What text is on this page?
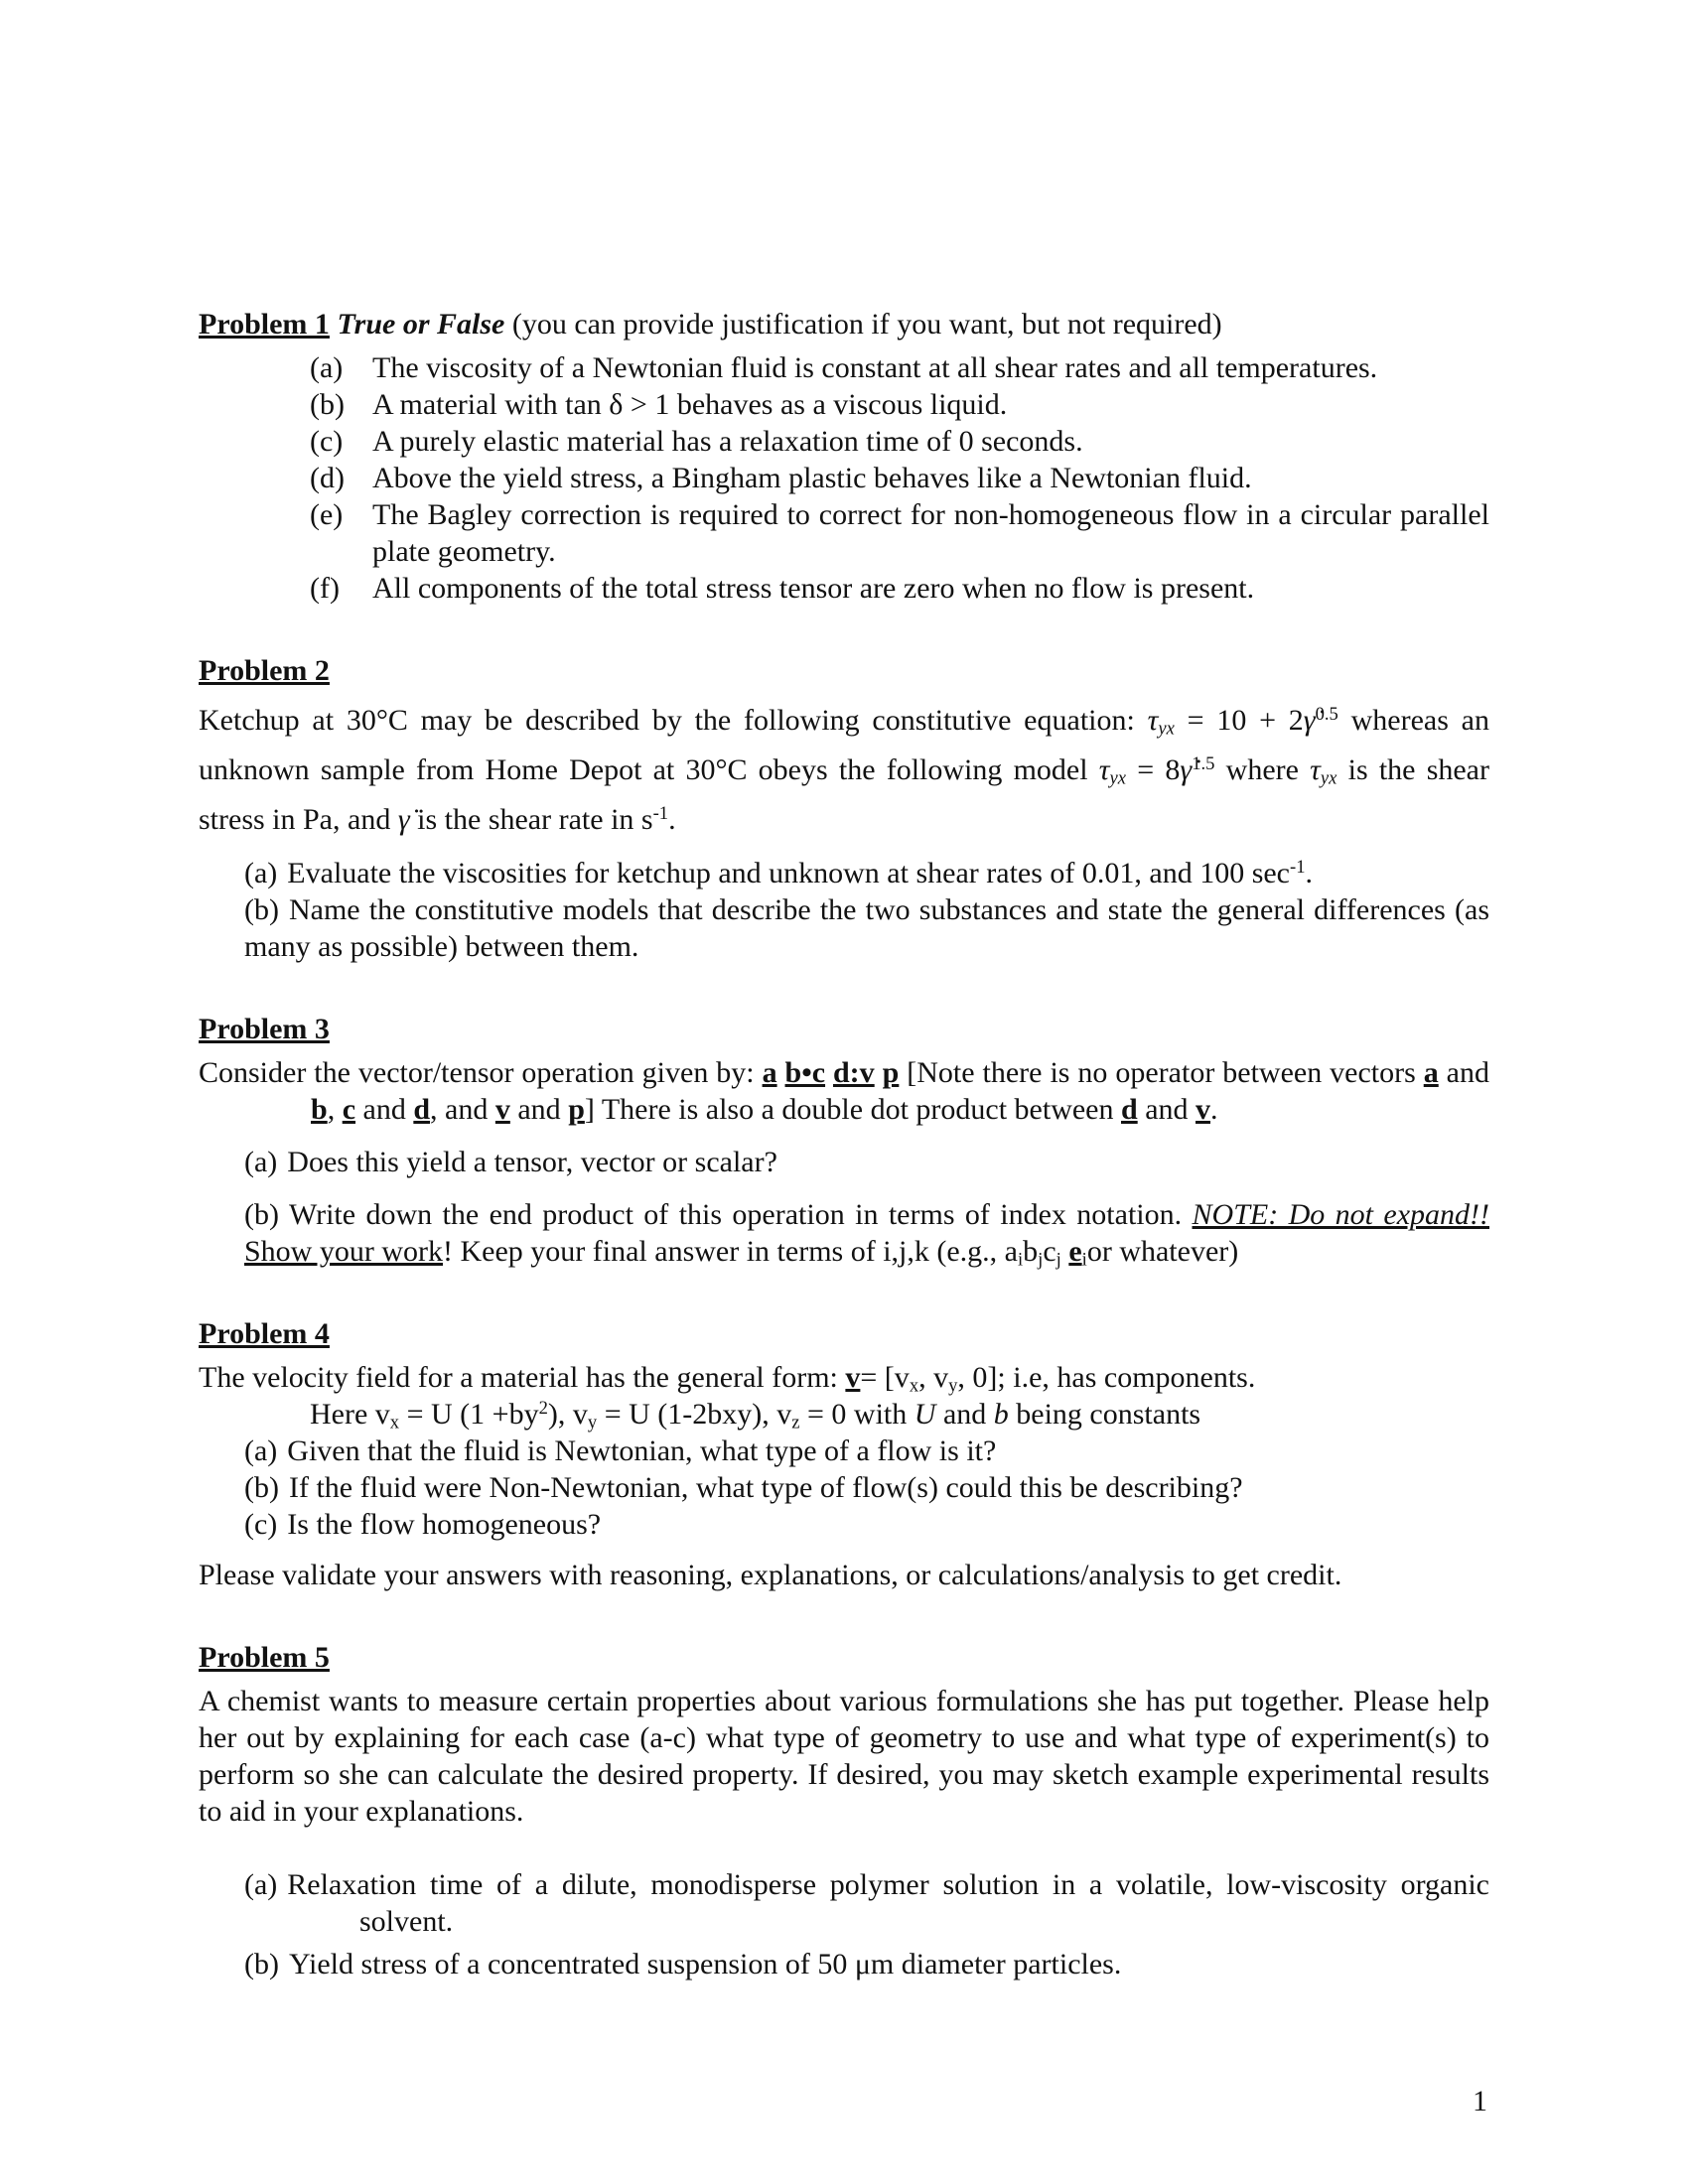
Problem 1 True or False (you can provide justification if you want, but not required)

(a) The viscosity of a Newtonian fluid is constant at all shear rates and all temperatures.
(b) A material with tan δ > 1 behaves as a viscous liquid.
(c) A purely elastic material has a relaxation time of 0 seconds.
(d) Above the yield stress, a Bingham plastic behaves like a Newtonian fluid.
(e) The Bagley correction is required to correct for non-homogeneous flow in a circular parallel plate geometry.
(f)	All components of the total stress tensor are zero when no flow is present.

Problem 2

Ketchup at 30°C may be described by the following constitutive equation: τyx = 10 + 2γ̇$^{0.5}$ whereas an unknown sample from Home Depot at 30°C obeys the following model τyx = 8γ̇$^{1.5}$ where τyx is the shear stress in Pa, and γ̇ is the shear rate in $s^{-1}$.

(a) Evaluate the viscosities for ketchup and unknown at shear rates of 0.01, and 100 $\sec^{-1}$.

(b) Name the constitutive models that describe the two substances and state the general differences (as many as possible) between them.

Problem 3

Consider the vector/tensor operation given by: a b•c d:v p [Note there is no operator between vectors a and b, c and d, and v and p] There is also a double dot product between d and v.

(a) Does this yield a tensor, vector or scalar?

(b) Write down the end product of this operation in terms of index notation. NOTE: Do not expand!! Show your work! Keep your final answer in terms of i,j,k (e.g., aibjcj eior whatever)

Problem 4

The velocity field for a material has the general form: v= [vx, vy, 0]; i.e, has components.

Here vx = U $(1 +by^2)$, vy = U (1-2bxy), vz = 0 with U and b being constants

(a) Given that the fluid is Newtonian, what type of a flow is it?

(b) If the fluid were Non-Newtonian, what type of flow(s) could this be describing?

(c) Is the flow homogeneous?

Please validate your answers with reasoning, explanations, or calculations/analysis to get credit.

Problem 5

A chemist wants to measure certain properties about various formulations she has put together. Please help her out by explaining for each case (a-c) what type of geometry to use and what type of experiment(s) to perform so she can calculate the desired property. If desired, you may sketch example experimental results to aid in your explanations.

(a) Relaxation time of a dilute, monodisperse polymer solution in a volatile, low-viscosity organic solvent.

(b) Yield stress of a concentrated suspension of 50 μm diameter particles.

1
